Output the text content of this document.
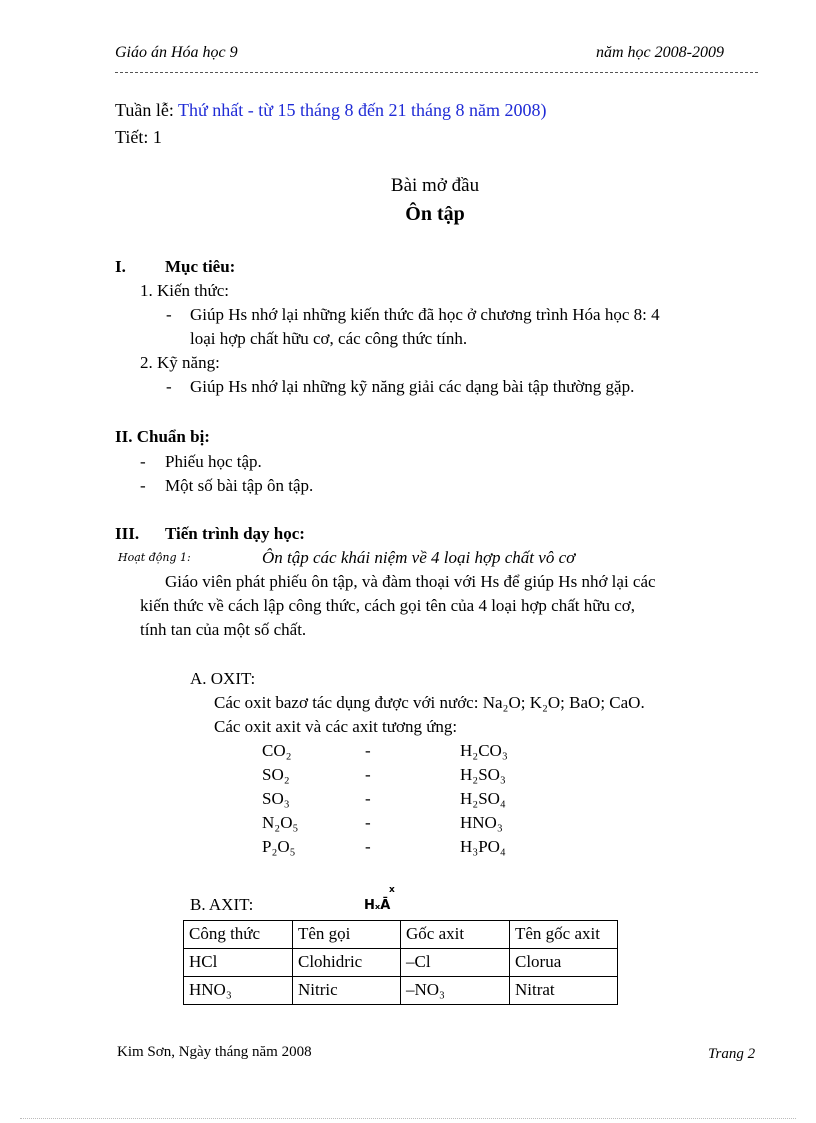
Giáo án Hóa học 9	năm học 2008-2009
Tuần lễ: Thứ nhất - từ 15 tháng 8 đến 21 tháng 8 năm 2008)
Tiết: 1
Bài mở đầu
Ôn tập
I. Mục tiêu:
1. Kiến thức:
- Giúp Hs nhớ lại những kiến thức đã học ở chương trình Hóa học 8: 4
loại hợp chất hữu cơ, các công thức tính.
2. Kỹ năng:
- Giúp Hs nhớ lại những kỹ năng giải các dạng bài tập thường gặp.
II. Chuẩn bị:
- Phiếu học tập.
- Một số bài tập ôn tập.
III. Tiến trình dạy học:
Hoạt động 1:	Ôn tập các khái niệm về 4 loại hợp chất vô cơ
Giáo viên phát phiếu ôn tập, và đàm thoại với Hs để giúp Hs nhớ lại các
kiến thức về cách lập công thức, cách gọi tên của 4 loại hợp chất hữu cơ,
tính tan của một số chất.
A. OXIT:
Các oxit bazơ tác dụng được với nước: Na₂O; K₂O; BaO; CaO.
Các oxit axit và các axit tương ứng:
CO₂	-	H₂CO₃
SO₂	-	H₂SO₃
SO₃	-	H₂SO₄
N₂O₅	-	HNO₃
P₂O₅	-	H₃PO₄
B. AXIT:
x
HₓĀ
Công thức	Tên gọi	Gốc axit	Tên gốc axit
HCl	Clohidric	–Cl	Clorua
HNO₃	Nitric	–NO₃	Nitrat
Kim Sơn, Ngày tháng năm 2008	Trang 2
